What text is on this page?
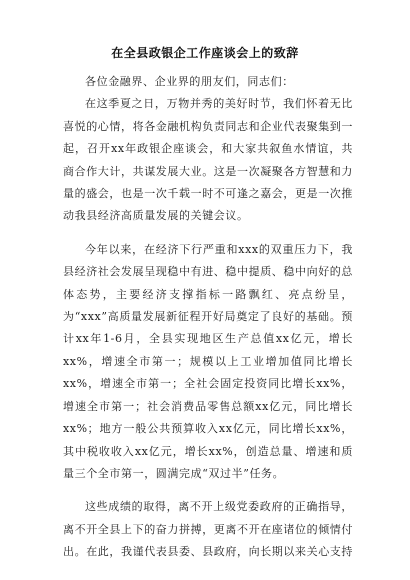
在全县政银企工作座谈会上的致辞

各位金融界、企业界的朋友们，同志们：

在这季夏之日，万物并秀的美好时节，我们怀着无比喜悦的心情，将各金融机构负责同志和企业代表聚集到一起，召开xx年政银企座谈会，和大家共叙鱼水情谊，共商合作大计，共谋发展大业。这是一次凝聚各方智慧和力量的盛会，也是一次千载一时不可逢之嘉会，更是一次推动我县经济高质量发展的关键会议。

今年以来，在经济下行严重和xxx的双重压力下，我县经济社会发展呈现稳中有进、稳中提质、稳中向好的总体态势，主要经济支撑指标一路飘红、亮点纷呈，为“xxx”高质量发展新征程开好局奠定了良好的基础。预计xx年1-6月，全县实现地区生产总值xx亿元，增长xx%，增速全市第一；规模以上工业增加值同比增长xx%，增速全市第一；全社会固定投资同比增长xx%，增速全市第一；社会消费品零售总额xx亿元，同比增长xx%；地方一般公共预算收入xx亿元，同比增长xx%，其中税收收入xx亿元，增长xx%，创造总量、增速和质量三个全市第一，圆满完成“双过半”任务。

这些成绩的取得，离不开上级党委政府的正确指导，离不开全县上下的奋力拼搏，更离不开在座诸位的倾情付出。在此，我谨代表县委、县政府，向长期以来关心支持
